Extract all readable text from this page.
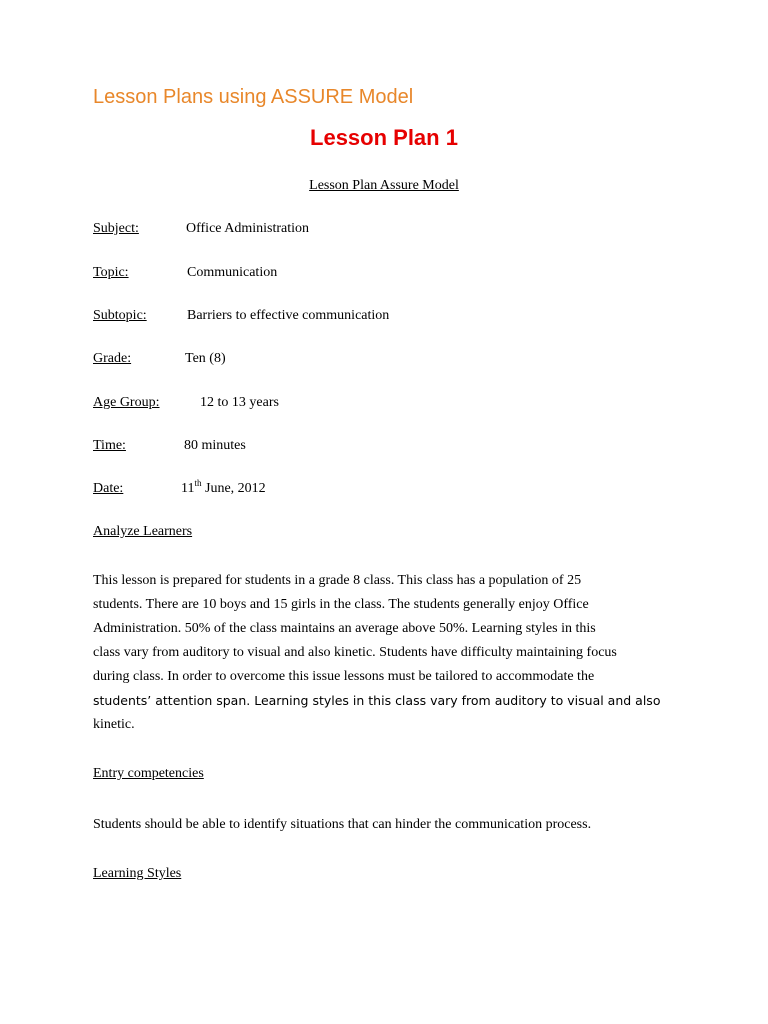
Lesson Plans using ASSURE Model
Lesson Plan 1
Lesson Plan Assure Model
Subject:	Office Administration
Topic:	Communication
Subtopic:	Barriers to effective communication
Grade:	Ten (8)
Age Group:	12 to 13 years
Time:	80 minutes
Date:	11th June, 2012
Analyze Learners
This lesson is prepared for students in a grade 8 class. This class has a population of 25
students. There are 10 boys and 15 girls in the class. The students generally enjoy Office
Administration. 50% of the class maintains an average above 50%. Learning styles in this
class vary from auditory to visual and also kinetic. Students have difficulty maintaining focus
during class. In order to overcome this issue lessons must be tailored to accommodate the
students’ attention span. Learning styles in this class vary from auditory to visual and also
kinetic.
Entry competencies
Students should be able to identify situations that can hinder the communication process.
Learning Styles
